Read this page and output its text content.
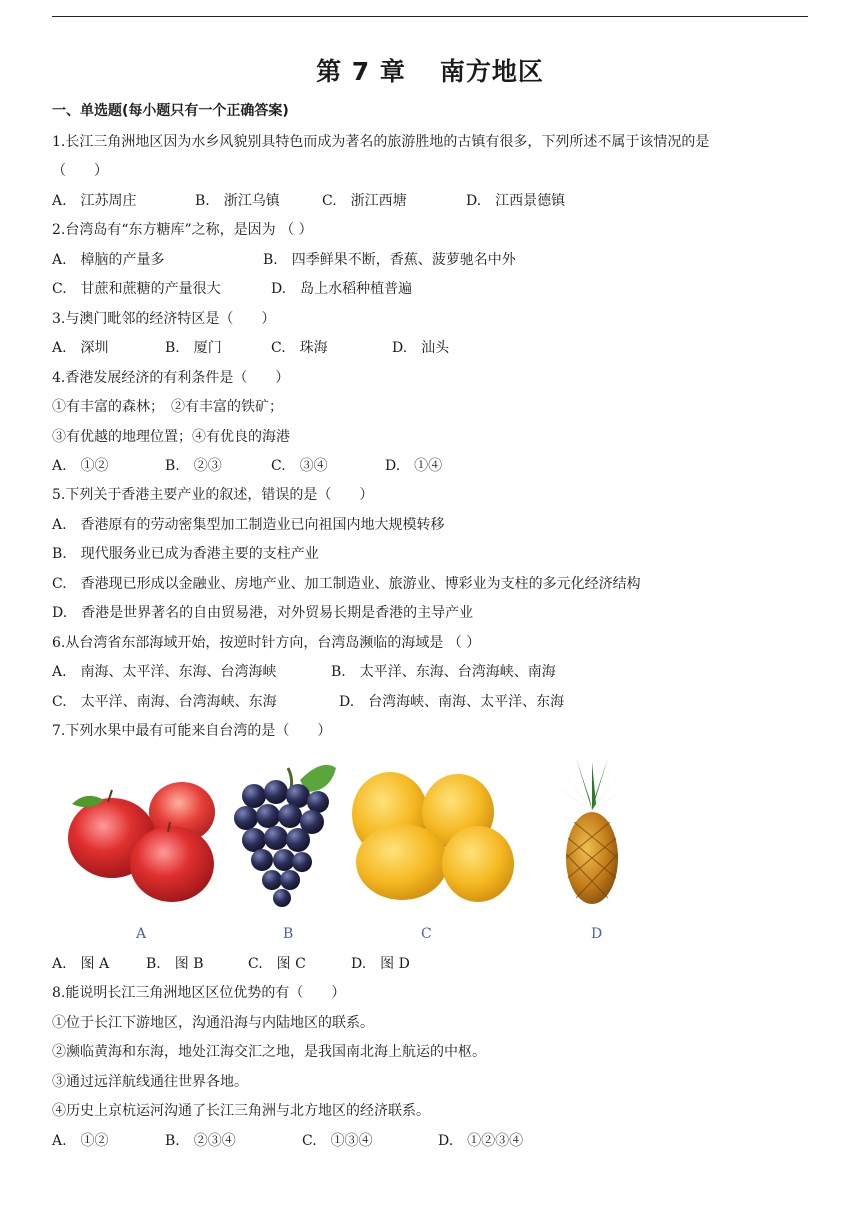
第 7 章 南方地区
一、单选题(每小题只有一个正确答案)
1.长江三角洲地区因为水乡风貌别具特色而成为著名的旅游胜地的古镇有很多，下列所述不属于该情况的是
（　　）
A.　江苏周庄	B.　浙江乌镇	C.　浙江西塘	D.　江西景德镇
2.台湾岛有“东方糖库”之称，是因为 （ ）
A.　樟脑的产量多	B.　四季鲜果不断，香蕉、菠萝驰名中外
C.　甘蔗和蔗糖的产量很大	D.　岛上水稻种植普遍
3.与澳门毗邻的经济特区是（　　）
A.　深圳	B.　厦门	C.　珠海	D.　汕头
4.香港发展经济的有利条件是（　　）
①有丰富的森林；　②有丰富的铁矿；
③有优越的地理位置；④有优良的海港
A.　①②	B.　②③	C.　③④	D.　①④
5.下列关于香港主要产业的叙述，错误的是（　　）
A.　香港原有的劳动密集型加工制造业已向祖国内地大规模转移
B.　现代服务业已成为香港主要的支柱产业
C.　香港现已形成以金融业、房地产业、加工制造业、旅游业、博彩业为支柱的多元化经济结构
D.　香港是世界著名的自由贸易港，对外贸易长期是香港的主导产业
6.从台湾省东部海域开始，按逆时针方向，台湾岛濒临的海域是 （ ）
A.　南海、太平洋、东海、台湾海峡	B.　太平洋、东海、台湾海峡、南海
C.　太平洋、南海、台湾海峡、东海	D.　台湾海峡、南海、太平洋、东海
7.下列水果中最有可能来自台湾的是（　　）
A	B	C	D
A.　图 A	B.　图 B	C.　图 C	D.　图 D
8.能说明长江三角洲地区区位优势的有（　　）
①位于长江下游地区，沟通沿海与内陆地区的联系。
②濒临黄海和东海，地处江海交汇之地，是我国南北海上航运的中枢。
③通过远洋航线通往世界各地。
④历史上京杭运河沟通了长江三角洲与北方地区的经济联系。
A.　①②	B.　②③④	C.　①③④	D.　①②③④
